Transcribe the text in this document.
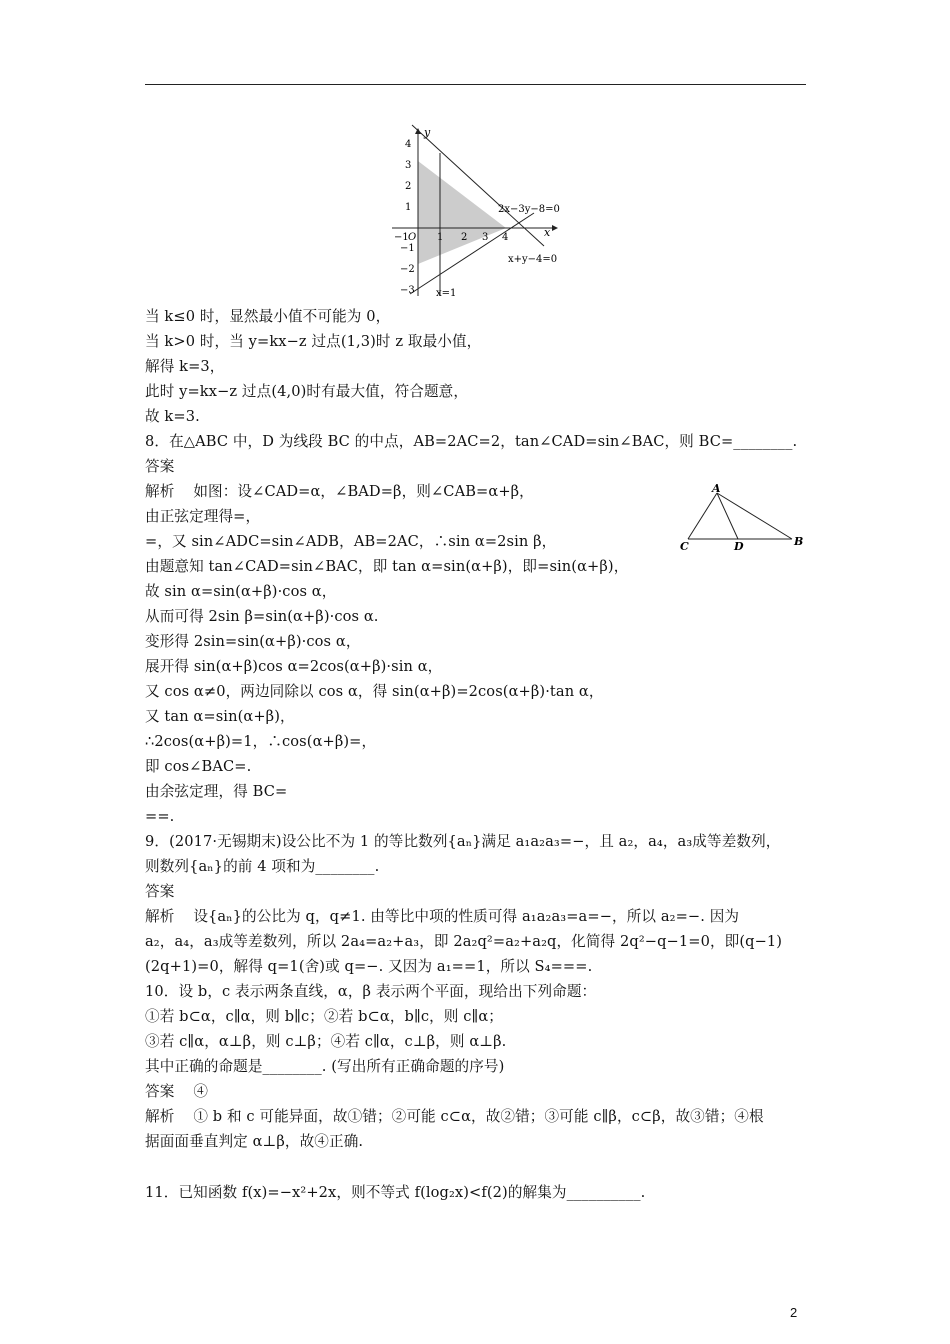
x
y
O
−1	1 2 3 4
4
3
2
1
−1
−2
−3
2x−3y−8=0
x+y−4=0
x=1
A
B
C	D
当 k≤0 时，显然最小值不可能为 0，
当 k>0 时，当 y=kx−z 过点(1,3)时 z 取最小值，
解得 k=3，
此时 y=kx−z 过点(4,0)时有最大值，符合题意，
故 k=3.
8．在△ABC 中，D 为线段 BC 的中点，AB=2AC=2，tan∠CAD=sin∠BAC，则 BC=________.
答案
解析    如图：设∠CAD=α，∠BAD=β，则∠CAB=α+β，
由正弦定理得=，
=，又 sin∠ADC=sin∠ADB，AB=2AC，∴sin α=2sin β，
由题意知 tan∠CAD=sin∠BAC，即 tan α=sin(α+β)，即=sin(α+β)，
故 sin α=sin(α+β)·cos α，
从而可得 2sin β=sin(α+β)·cos α.
变形得 2sin=sin(α+β)·cos α，
展开得 sin(α+β)cos α=2cos(α+β)·sin α，
又 cos α≠0，两边同除以 cos α，得 sin(α+β)=2cos(α+β)·tan α，
又 tan α=sin(α+β)，
∴2cos(α+β)=1，∴cos(α+β)=，
即 cos∠BAC=.
由余弦定理，得 BC=
==.
9．(2017·无锡期末)设公比不为 1 的等比数列{aₙ}满足 a₁a₂a₃=−，且 a₂，a₄，a₃成等差数列，
则数列{aₙ}的前 4 项和为________.
答案
解析    设{aₙ}的公比为 q，q≠1. 由等比中项的性质可得 a₁a₂a₃=a=−，所以 a₂=−. 因为
a₂，a₄，a₃成等差数列，所以 2a₄=a₂+a₃，即 2a₂q²=a₂+a₂q，化简得 2q²−q−1=0，即(q−1)
(2q+1)=0，解得 q=1(舍)或 q=−. 又因为 a₁==1，所以 S₄===.
10．设 b，c 表示两条直线，α，β 表示两个平面，现给出下列命题：
①若 b⊂α，c∥α，则 b∥c；②若 b⊂α，b∥c，则 c∥α；
③若 c∥α，α⊥β，则 c⊥β；④若 c∥α，c⊥β，则 α⊥β.
其中正确的命题是________. (写出所有正确命题的序号)
答案    ④
解析    ① b 和 c 可能异面，故①错；②可能 c⊂α，故②错；③可能 c∥β，c⊂β，故③错；④根
据面面垂直判定 α⊥β，故④正确.
11．已知函数 f(x)=−x²+2x，则不等式 f(log₂x)<f(2)的解集为__________.
2
